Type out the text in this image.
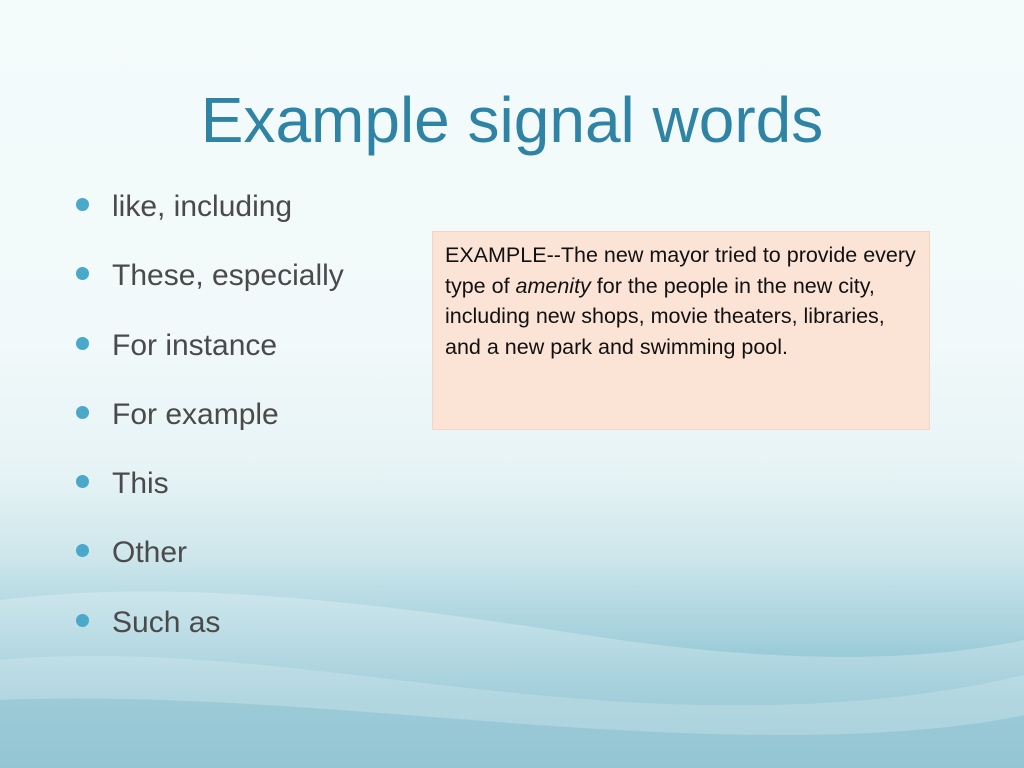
Example signal words
like, including
These, especially
For instance
For example
This
Other
Such as
EXAMPLE--The new mayor tried to provide every type of amenity for the people in the new city, including new shops, movie theaters, libraries, and a new park and swimming pool.
